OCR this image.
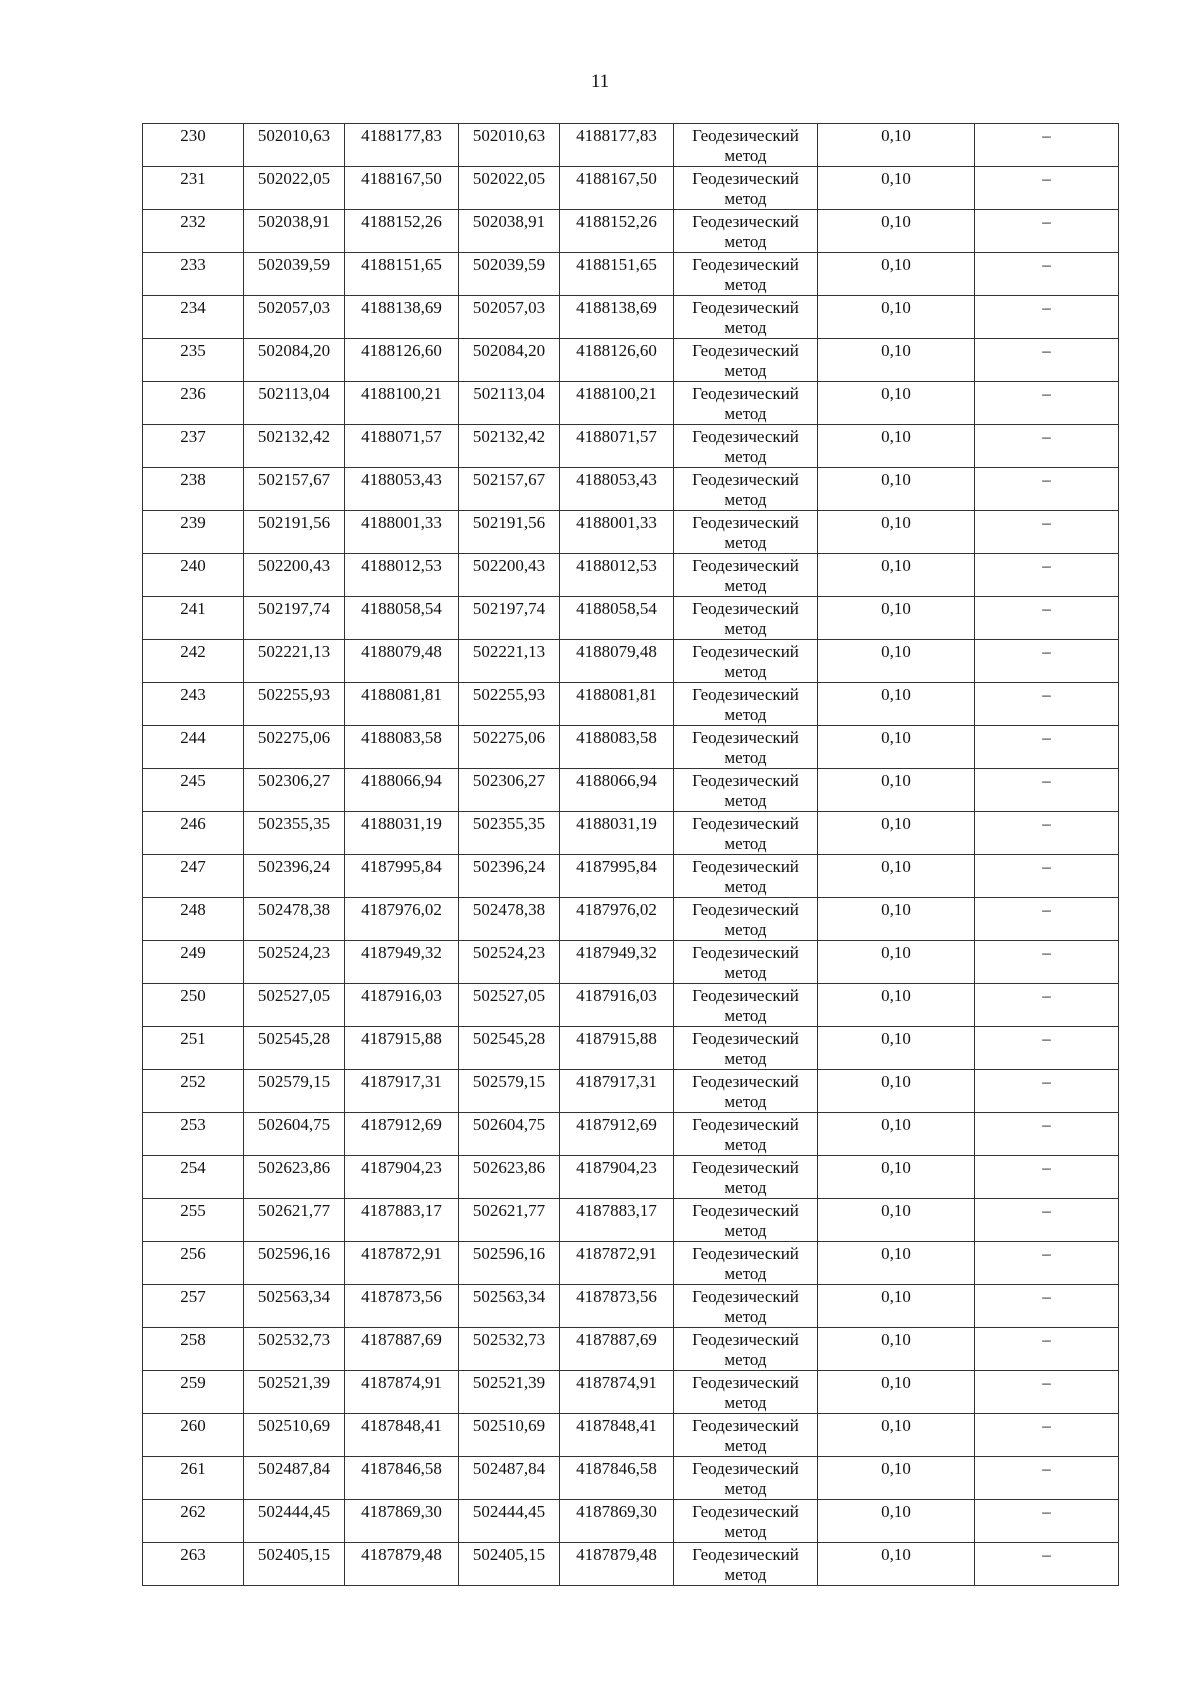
11
230	502010,63	4188177,83	502010,63	4188177,83	Геодезический метод	0,10	–

231	502022,05	4188167,50	502022,05	4188167,50	Геодезический метод	0,10	–

232	502038,91	4188152,26	502038,91	4188152,26	Геодезический метод	0,10	–

233	502039,59	4188151,65	502039,59	4188151,65	Геодезический метод	0,10	–

234	502057,03	4188138,69	502057,03	4188138,69	Геодезический метод	0,10	–

235	502084,20	4188126,60	502084,20	4188126,60	Геодезический метод	0,10	–

236	502113,04	4188100,21	502113,04	4188100,21	Геодезический метод	0,10	–

237	502132,42	4188071,57	502132,42	4188071,57	Геодезический метод	0,10	–

238	502157,67	4188053,43	502157,67	4188053,43	Геодезический метод	0,10	–

239	502191,56	4188001,33	502191,56	4188001,33	Геодезический метод	0,10	–

240	502200,43	4188012,53	502200,43	4188012,53	Геодезический метод	0,10	–

241	502197,74	4188058,54	502197,74	4188058,54	Геодезический метод	0,10	–

242	502221,13	4188079,48	502221,13	4188079,48	Геодезический метод	0,10	–

243	502255,93	4188081,81	502255,93	4188081,81	Геодезический метод	0,10	–

244	502275,06	4188083,58	502275,06	4188083,58	Геодезический метод	0,10	–

245	502306,27	4188066,94	502306,27	4188066,94	Геодезический метод	0,10	–

246	502355,35	4188031,19	502355,35	4188031,19	Геодезический метод	0,10	–

247	502396,24	4187995,84	502396,24	4187995,84	Геодезический метод	0,10	–

248	502478,38	4187976,02	502478,38	4187976,02	Геодезический метод	0,10	–

249	502524,23	4187949,32	502524,23	4187949,32	Геодезический метод	0,10	–

250	502527,05	4187916,03	502527,05	4187916,03	Геодезический метод	0,10	–

251	502545,28	4187915,88	502545,28	4187915,88	Геодезический метод	0,10	–

252	502579,15	4187917,31	502579,15	4187917,31	Геодезический метод	0,10	–

253	502604,75	4187912,69	502604,75	4187912,69	Геодезический метод	0,10	–

254	502623,86	4187904,23	502623,86	4187904,23	Геодезический метод	0,10	–

255	502621,77	4187883,17	502621,77	4187883,17	Геодезический метод	0,10	–

256	502596,16	4187872,91	502596,16	4187872,91	Геодезический метод	0,10	–

257	502563,34	4187873,56	502563,34	4187873,56	Геодезический метод	0,10	–

258	502532,73	4187887,69	502532,73	4187887,69	Геодезический метод	0,10	–

259	502521,39	4187874,91	502521,39	4187874,91	Геодезический метод	0,10	–

260	502510,69	4187848,41	502510,69	4187848,41	Геодезический метод	0,10	–

261	502487,84	4187846,58	502487,84	4187846,58	Геодезический метод	0,10	–

262	502444,45	4187869,30	502444,45	4187869,30	Геодезический метод	0,10	–

263	502405,15	4187879,48	502405,15	4187879,48	Геодезический метод	0,10	–
